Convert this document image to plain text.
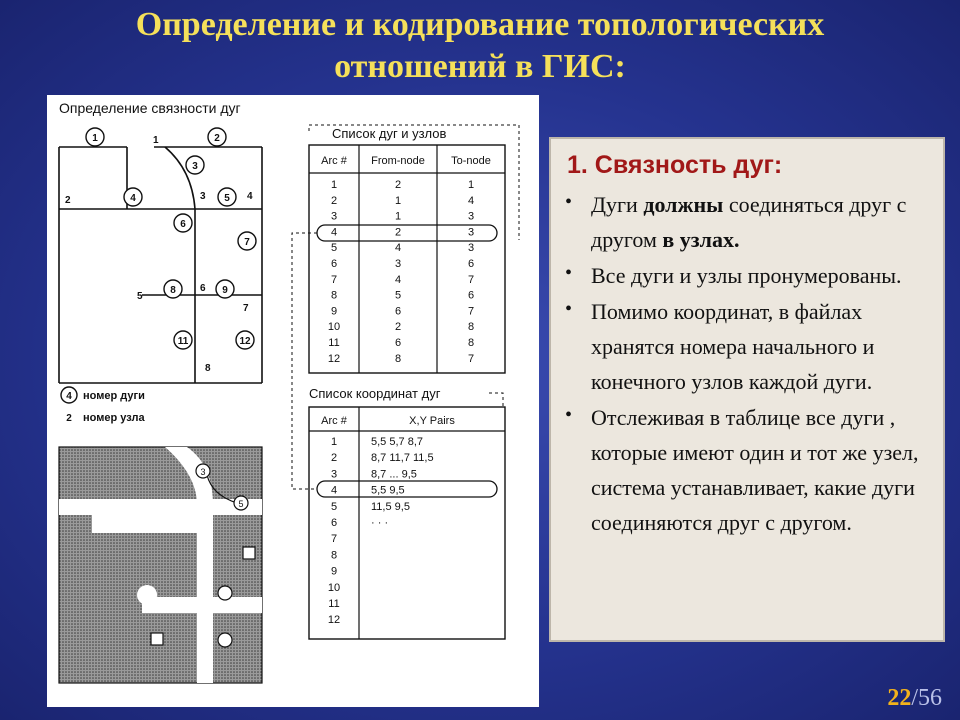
Определение и кодирование топологических
отношений в ГИС:
Определение связности дуг
1	2
3
4	5
6
7
8	9
11	12
1
2	3	4
5
6
7
8
4 номер дуги
2 номер узла
3
5
Список дуг и узлов
Arc # From-node To-node
1	2	1
2	1	4
3	1	3
4	2	3
5	4	3
6	3	6
7	4	7
8	5	6
9	6	7
10	2	8
11	6	8
12	8	7
Список координат дуг
Arc #	X,Y Pairs
1	5,5 5,7 8,7
2	8,7 11,7 11,5
3	8,7 ... 9,5
4	5,5 9,5
5	11,5 9,5
6	· · ·
7
8
9
10
11
12
1. Связность дуг:
• Дуги должны соединяться друг с другом в узлах.
• Все дуги и узлы пронумерованы.
• Помимо координат, в файлах хранятся номера начального и конечного узлов каждой дуги.
• Отслеживая в таблице все дуги , которые имеют один и тот же узел, система устанавливает, какие дуги соединяются друг с другом.
22/56
